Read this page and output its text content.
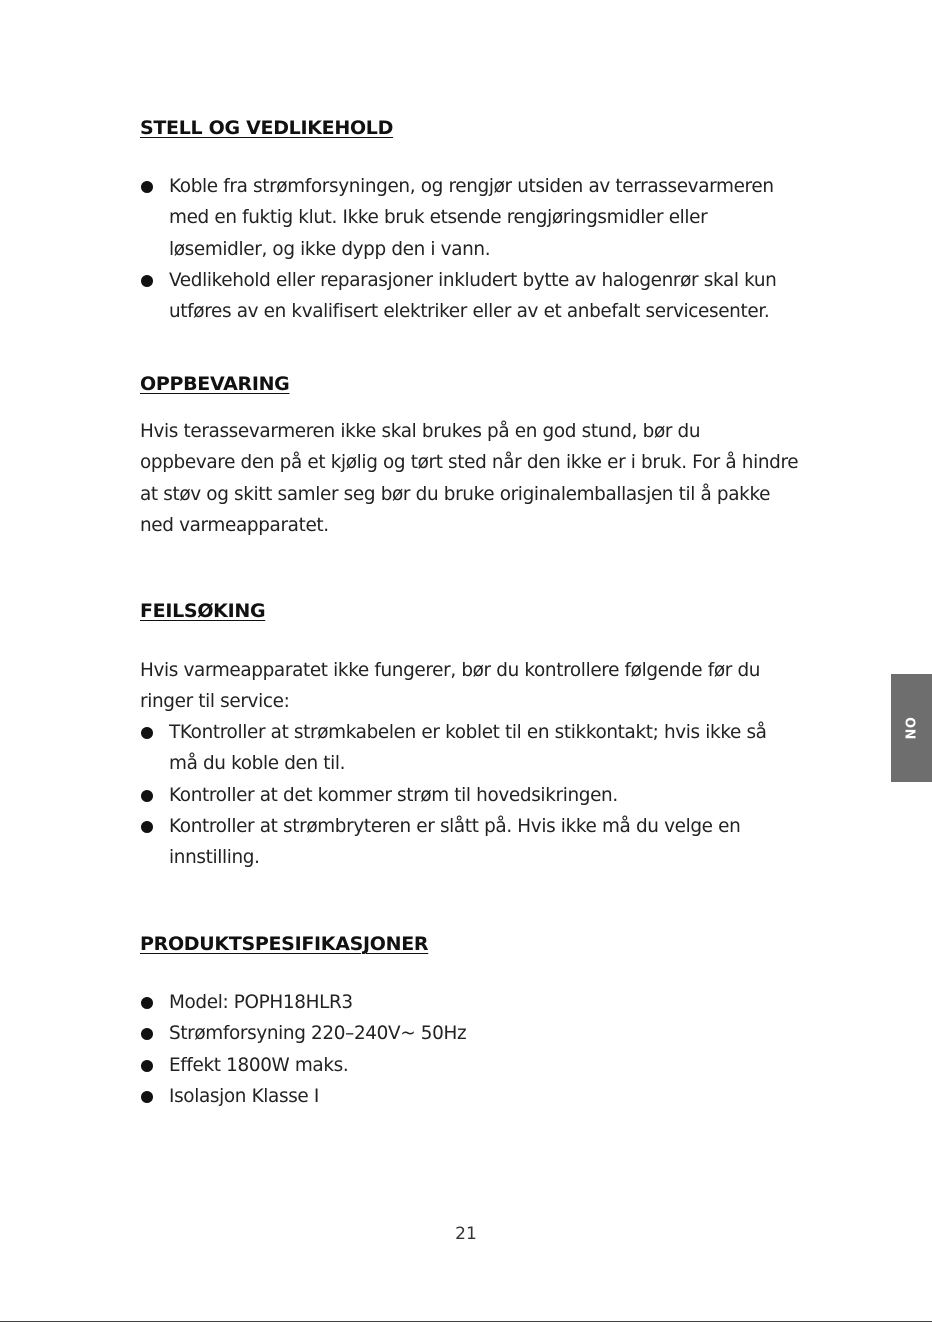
STELL OG VEDLIKEHOLD
Koble fra strømforsyningen, og rengjør utsiden av terrassevarmeren med en fuktig klut. Ikke bruk etsende rengjøringsmidler eller løsemidler, og ikke dypp den i vann.
Vedlikehold eller reparasjoner inkludert bytte av halogenrør skal kun utføres av en kvalifisert elektriker eller av et anbefalt servicesenter.
OPPBEVARING

Hvis terassevarmeren ikke skal brukes på en god stund, bør du oppbevare den på et kjølig og tørt sted når den ikke er i bruk. For å hindre at støv og skitt samler seg bør du bruke originalemballasjen til å pakke ned varmeapparatet.

FEILSØKING

Hvis varmeapparatet ikke fungerer, bør du kontrollere følgende før du ringer til service:

TKontroller at strømkabelen er koblet til en stikkontakt; hvis ikke så må du koble den til.
Kontroller at det kommer strøm til hovedsikringen.
Kontroller at strømbryteren er slått på. Hvis ikke må du velge en innstilling.
PRODUKTSPESIFIKASJONER
Model: POPH18HLR3
Strømforsyning 220–240V~ 50Hz
Effekt 1800W maks.
Isolasjon Klasse I
NO
21
